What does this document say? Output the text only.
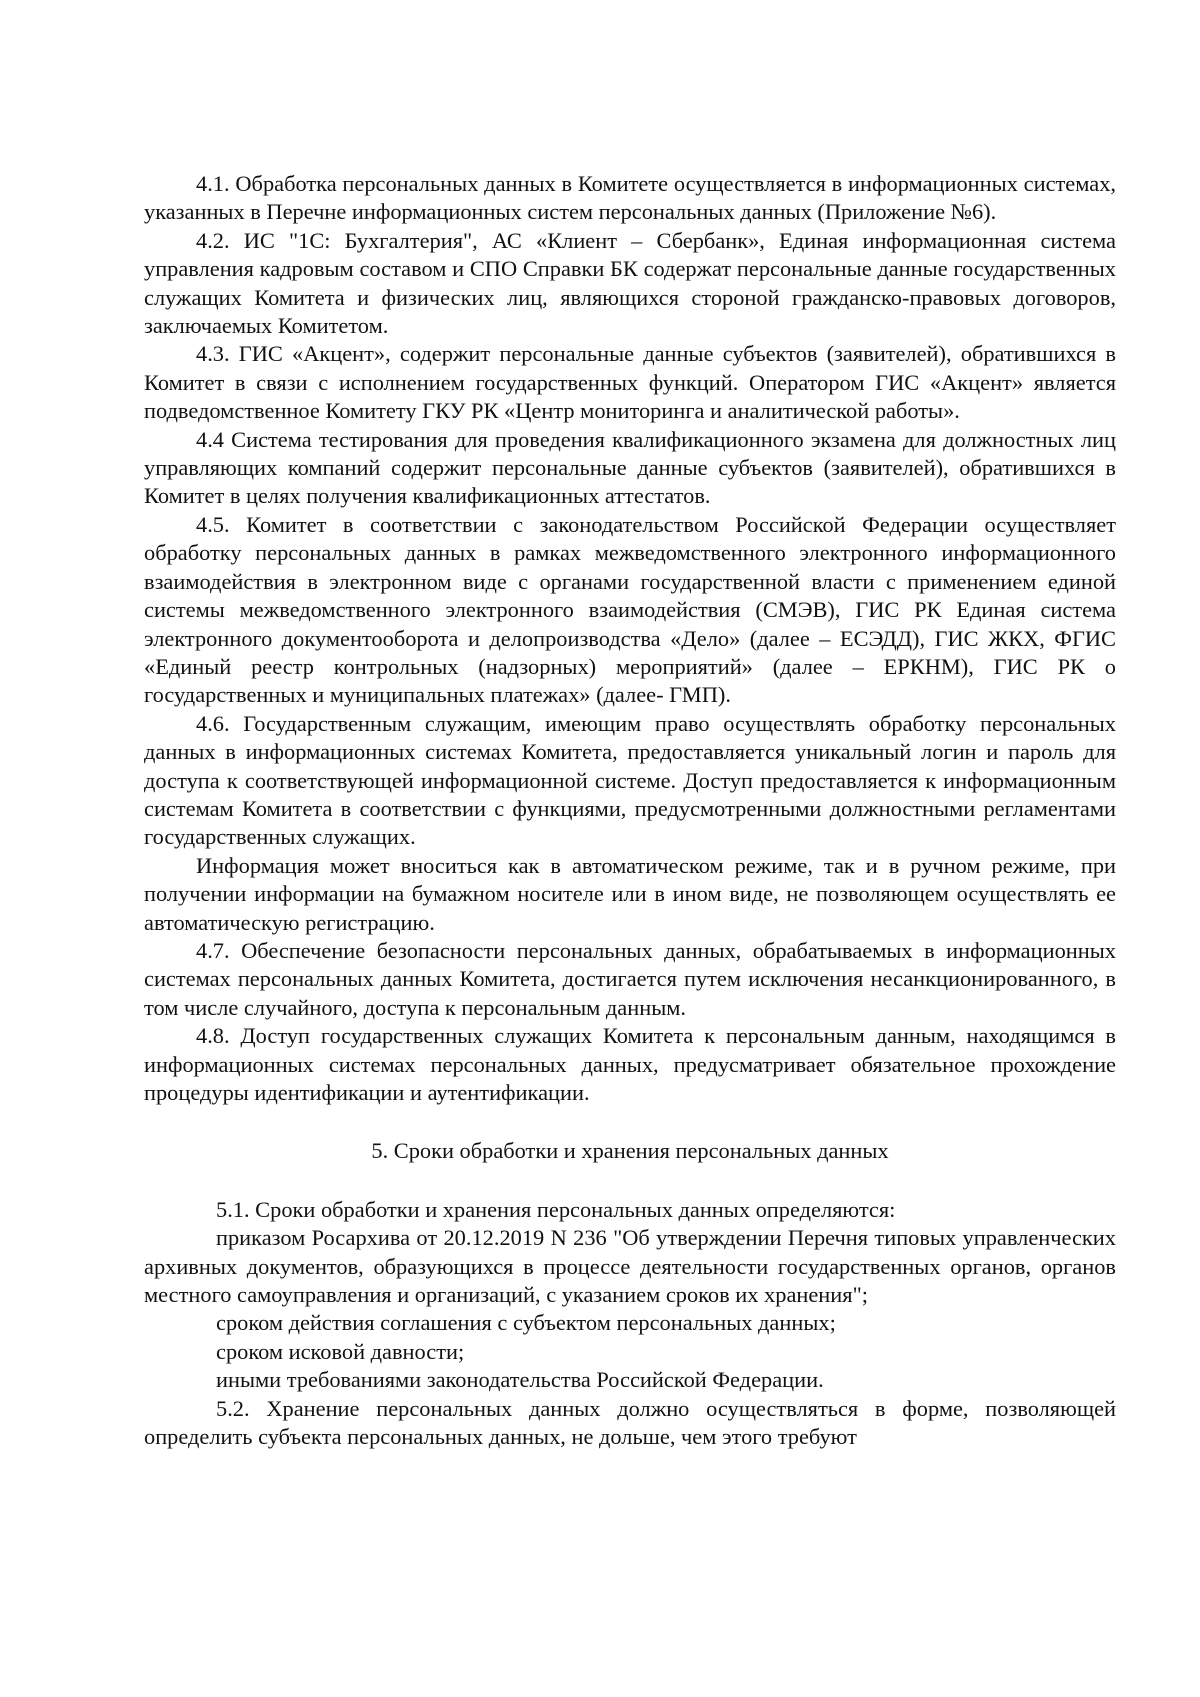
4.1. Обработка персональных данных в Комитете осуществляется в информационных системах, указанных в Перечне информационных систем персональных данных (Приложение №6).

4.2. ИС "1С: Бухгалтерия", АС «Клиент – Сбербанк», Единая информационная система управления кадровым составом и СПО Справки БК содержат персональные данные государственных служащих Комитета и физических лиц, являющихся стороной гражданско-правовых договоров, заключаемых Комитетом.

4.3. ГИС «Акцент», содержит персональные данные субъектов (заявителей), обратившихся в Комитет в связи с исполнением государственных функций. Оператором ГИС «Акцент» является подведомственное Комитету ГКУ РК «Центр мониторинга и аналитической работы».

4.4 Система тестирования для проведения квалификационного экзамена для должностных лиц управляющих компаний содержит персональные данные субъектов (заявителей), обратившихся в Комитет в целях получения квалификационных аттестатов.

4.5. Комитет в соответствии с законодательством Российской Федерации осуществляет обработку персональных данных в рамках межведомственного электронного информационного взаимодействия в электронном виде с органами государственной власти с применением единой системы межведомственного электронного взаимодействия (СМЭВ), ГИС РК Единая система электронного документооборота и делопроизводства «Дело» (далее – ЕСЭДД), ГИС ЖКХ, ФГИС «Единый реестр контрольных (надзорных) мероприятий» (далее – ЕРКНМ), ГИС РК о государственных и муниципальных платежах» (далее- ГМП).

4.6. Государственным служащим, имеющим право осуществлять обработку персональных данных в информационных системах Комитета, предоставляется уникальный логин и пароль для доступа к соответствующей информационной системе. Доступ предоставляется к информационным системам Комитета в соответствии с функциями, предусмотренными должностными регламентами государственных служащих.

Информация может вноситься как в автоматическом режиме, так и в ручном режиме, при получении информации на бумажном носителе или в ином виде, не позволяющем осуществлять ее автоматическую регистрацию.

4.7. Обеспечение безопасности персональных данных, обрабатываемых в информационных системах персональных данных Комитета, достигается путем исключения несанкционированного, в том числе случайного, доступа к персональным данным.

4.8. Доступ государственных служащих Комитета к персональным данным, находящимся в информационных системах персональных данных, предусматривает обязательное прохождение процедуры идентификации и аутентификации.

5. Сроки обработки и хранения персональных данных

5.1. Сроки обработки и хранения персональных данных определяются:

приказом Росархива от 20.12.2019 N 236 "Об утверждении Перечня типовых управленческих архивных документов, образующихся в процессе деятельности государственных органов, органов местного самоуправления и организаций, с указанием сроков их хранения";

сроком действия соглашения с субъектом персональных данных;

сроком исковой давности;

иными требованиями законодательства Российской Федерации.

5.2. Хранение персональных данных должно осуществляться в форме, позволяющей определить субъекта персональных данных, не дольше, чем этого требуют
